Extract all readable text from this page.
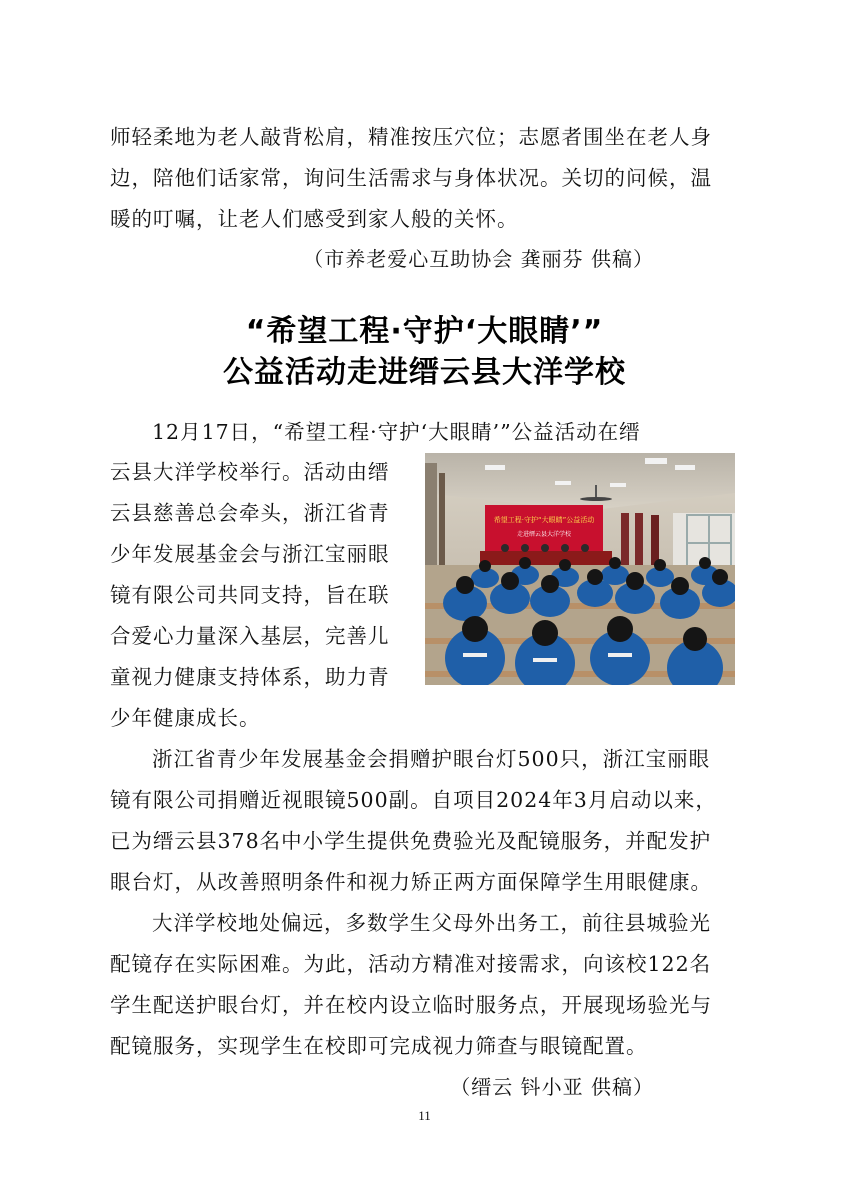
师轻柔地为老人敲背松肩，精准按压穴位；志愿者围坐在老人身
边，陪他们话家常，询问生活需求与身体状况。关切的问候，温
暖的叮嘱，让老人们感受到家人般的关怀。
（市养老爱心互助协会 龚丽芬 供稿）
“希望工程·守护‘大眼睛’”
公益活动走进缙云县大洋学校
12月17日，“希望工程·守护‘大眼睛’”公益活动在缙
云县大洋学校举行。活动由缙
云县慈善总会牵头，浙江省青
少年发展基金会与浙江宝丽眼
镜有限公司共同支持，旨在联
合爱心力量深入基层，完善儿
童视力健康支持体系，助力青
少年健康成长。
希望工程·守护“大眼睛”公益活动
走进缙云县大洋学校
浙江省青少年发展基金会捐赠护眼台灯500只，浙江宝丽眼
镜有限公司捐赠近视眼镜500副。自项目2024年3月启动以来，
已为缙云县378名中小学生提供免费验光及配镜服务，并配发护
眼台灯，从改善照明条件和视力矫正两方面保障学生用眼健康。
大洋学校地处偏远，多数学生父母外出务工，前往县城验光
配镜存在实际困难。为此，活动方精准对接需求，向该校122名
学生配送护眼台灯，并在校内设立临时服务点，开展现场验光与
配镜服务，实现学生在校即可完成视力筛查与眼镜配置。
（缙云 钭小亚 供稿）
11
